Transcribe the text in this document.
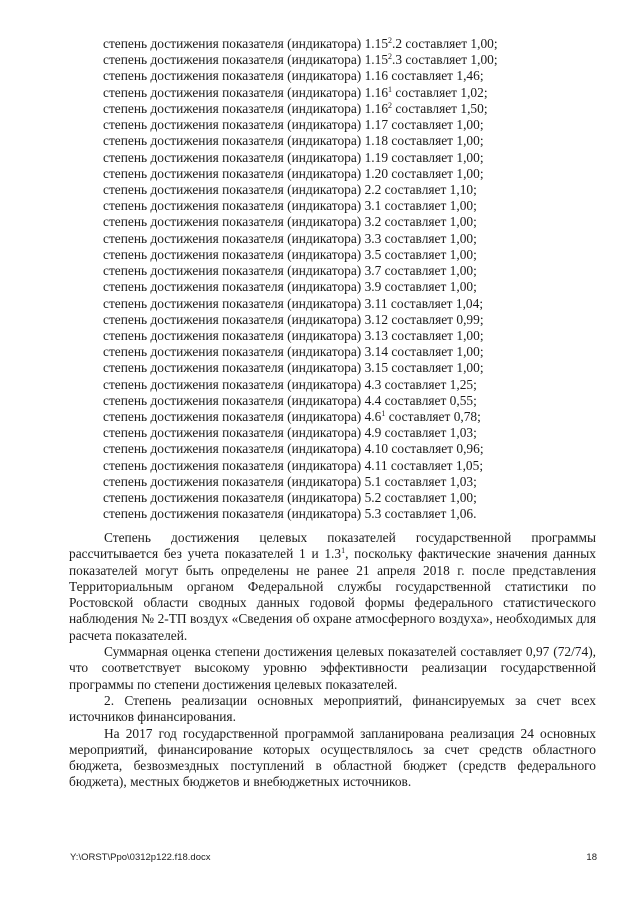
степень достижения показателя (индикатора) 1.15$^2$.2 составляет 1,00;
степень достижения показателя (индикатора) 1.15$^2$.3 составляет 1,00;
степень достижения показателя (индикатора) 1.16 составляет 1,46;
степень достижения показателя (индикатора) 1.16$^1$ составляет 1,02;
степень достижения показателя (индикатора) 1.16$^2$ составляет 1,50;
степень достижения показателя (индикатора) 1.17 составляет 1,00;
степень достижения показателя (индикатора) 1.18 составляет 1,00;
степень достижения показателя (индикатора) 1.19 составляет 1,00;
степень достижения показателя (индикатора) 1.20 составляет 1,00;
степень достижения показателя (индикатора) 2.2 составляет 1,10;
степень достижения показателя (индикатора) 3.1 составляет 1,00;
степень достижения показателя (индикатора) 3.2 составляет 1,00;
степень достижения показателя (индикатора) 3.3 составляет 1,00;
степень достижения показателя (индикатора) 3.5 составляет 1,00;
степень достижения показателя (индикатора) 3.7 составляет 1,00;
степень достижения показателя (индикатора) 3.9 составляет 1,00;
степень достижения показателя (индикатора) 3.11 составляет 1,04;
степень достижения показателя (индикатора) 3.12 составляет 0,99;
степень достижения показателя (индикатора) 3.13 составляет 1,00;
степень достижения показателя (индикатора) 3.14 составляет 1,00;
степень достижения показателя (индикатора) 3.15 составляет 1,00;
степень достижения показателя (индикатора) 4.3 составляет 1,25;
степень достижения показателя (индикатора) 4.4 составляет 0,55;
степень достижения показателя (индикатора) $4.6^1$ составляет 0,78;
степень достижения показателя (индикатора) 4.9 составляет 1,03;
степень достижения показателя (индикатора) 4.10 составляет 0,96;
степень достижения показателя (индикатора) 4.11 составляет 1,05;
степень достижения показателя (индикатора) 5.1 составляет 1,03;
степень достижения показателя (индикатора) 5.2 составляет 1,00;
степень достижения показателя (индикатора) 5.3 составляет 1,06.

Степень достижения целевых показателей государственной программы рассчитывается без учета показателей 1 и $1.3^1$, поскольку фактические значения данных показателей могут быть определены не ранее 21 апреля 2018 г. после представления Территориальным органом Федеральной службы государственной статистики по Ростовской области сводных данных годовой формы федерального статистического наблюдения № 2-ТП воздух «Сведения об охране атмосферного воздуха», необходимых для расчета показателей.

Суммарная оценка степени достижения целевых показателей составляет 0,97 (72/74), что соответствует высокому уровню эффективности реализации государственной программы по степени достижения целевых показателей.

2. Степень реализации основных мероприятий, финансируемых за счет всех источников финансирования.

На 2017 год государственной программой запланирована реализация 24 основных мероприятий, финансирование которых осуществлялось за счет средств областного бюджета, безвозмездных поступлений в областной бюджет (средств федерального бюджета), местных бюджетов и внебюджетных источников.

Y:\ORST\Ppo\0312p122.f18.docx	18
